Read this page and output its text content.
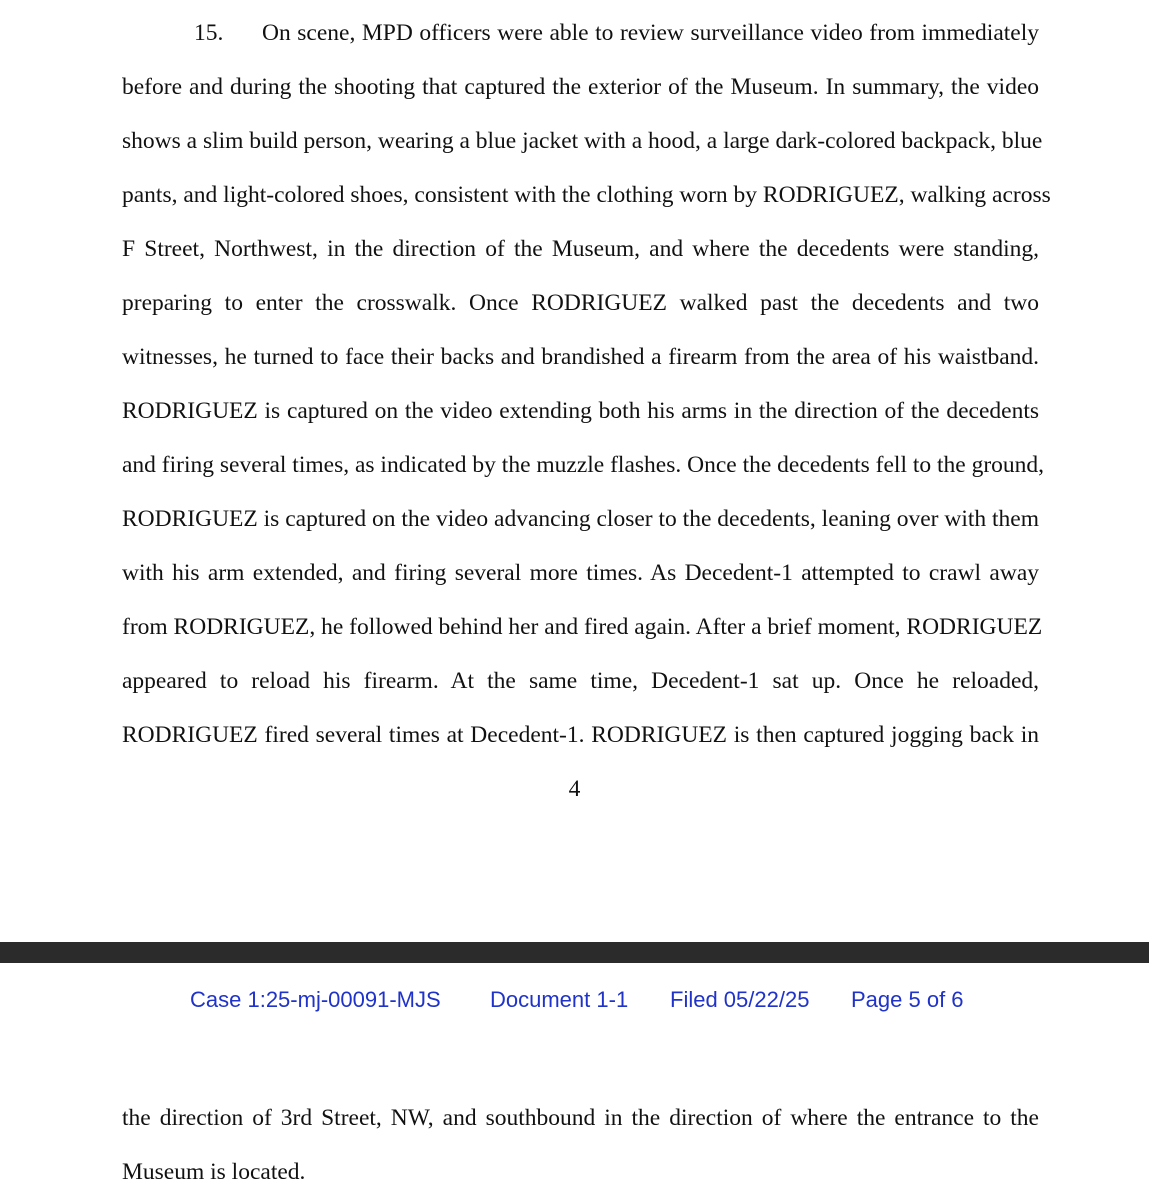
15. On scene, MPD officers were able to review surveillance video from immediately
before and during the shooting that captured the exterior of the Museum. In summary, the video
shows a slim build person, wearing a blue jacket with a hood, a large dark-colored backpack, blue
pants, and light-colored shoes, consistent with the clothing worn by RODRIGUEZ, walking across
F Street, Northwest, in the direction of the Museum, and where the decedents were standing,
preparing to enter the crosswalk. Once RODRIGUEZ walked past the decedents and two
witnesses, he turned to face their backs and brandished a firearm from the area of his waistband.
RODRIGUEZ is captured on the video extending both his arms in the direction of the decedents
and firing several times, as indicated by the muzzle flashes. Once the decedents fell to the ground,
RODRIGUEZ is captured on the video advancing closer to the decedents, leaning over with them
with his arm extended, and firing several more times. As Decedent-1 attempted to crawl away
from RODRIGUEZ, he followed behind her and fired again. After a brief moment, RODRIGUEZ
appeared to reload his firearm. At the same time, Decedent-1 sat up. Once he reloaded,
RODRIGUEZ fired several times at Decedent-1. RODRIGUEZ is then captured jogging back in
4
Case 1:25-mj-00091-MJS Document 1-1 Filed 05/22/25 Page 5 of 6
the direction of 3rd Street, NW, and southbound in the direction of where the entrance to the
Museum is located.
